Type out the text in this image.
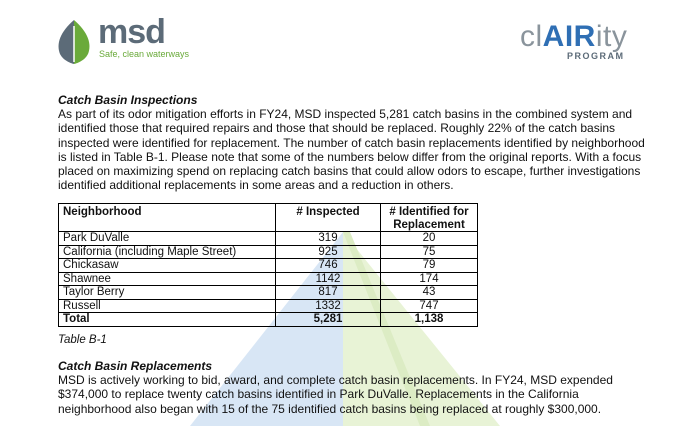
msd
Safe, clean waterways
clAIRity
PROGRAM
Catch Basin Inspections
As part of its odor mitigation efforts in FY24, MSD inspected 5,281 catch basins in the combined system and identified those that required repairs and those that should be replaced. Roughly 22% of the catch basins inspected were identified for replacement. The number of catch basin replacements identified by neighborhood is listed in Table B-1. Please note that some of the numbers below differ from the original reports. With a focus placed on maximizing spend on replacing catch basins that could allow odors to escape, further investigations identified additional replacements in some areas and a reduction in others.
Neighborhood	# Inspected	# Identified for Replacement
Park DuValle	319	20
California (including Maple Street)	925	75
Chickasaw	746	79
Shawnee	1142	174
Taylor Berry	817	43
Russell	1332	747
Total	5,281	1,138
Table B-1
Catch Basin Replacements
MSD is actively working to bid, award, and complete catch basin replacements. In FY24, MSD expended $374,000 to replace twenty catch basins identified in Park DuValle. Replacements in the California neighborhood also began with 15 of the 75 identified catch basins being replaced at roughly $300,000.
